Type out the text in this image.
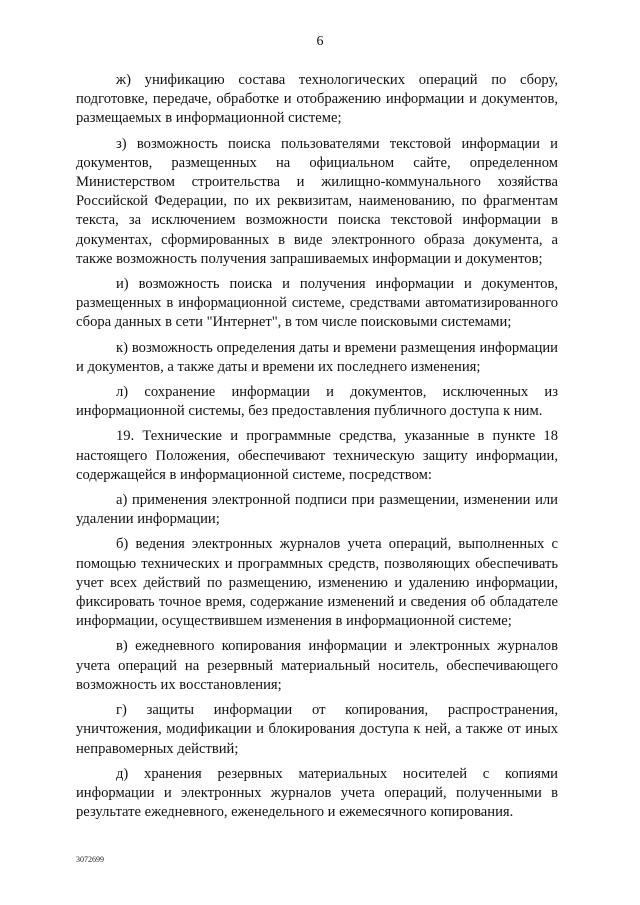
6

ж) унификацию состава технологических операций по сбору, подготовке, передаче, обработке и отображению информации и документов, размещаемых в информационной системе;

з) возможность поиска пользователями текстовой информации и документов, размещенных на официальном сайте, определенном Министерством строительства и жилищно-коммунального хозяйства Российской Федерации, по их реквизитам, наименованию, по фрагментам текста, за исключением возможности поиска текстовой информации в документах, сформированных в виде электронного образа документа, а также возможность получения запрашиваемых информации и документов;

и) возможность поиска и получения информации и документов, размещенных в информационной системе, средствами автоматизированного сбора данных в сети "Интернет", в том числе поисковыми системами;

к) возможность определения даты и времени размещения информации и документов, а также даты и времени их последнего изменения;

л) сохранение информации и документов, исключенных из информационной системы, без предоставления публичного доступа к ним.

19. Технические и программные средства, указанные в пункте 18 настоящего Положения, обеспечивают техническую защиту информации, содержащейся в информационной системе, посредством:

а) применения электронной подписи при размещении, изменении или удалении информации;

б) ведения электронных журналов учета операций, выполненных с помощью технических и программных средств, позволяющих обеспечивать учет всех действий по размещению, изменению и удалению информации, фиксировать точное время, содержание изменений и сведения об обладателе информации, осуществившем изменения в информационной системе;

в) ежедневного копирования информации и электронных журналов учета операций на резервный материальный носитель, обеспечивающего возможность их восстановления;

г) защиты информации от копирования, распространения, уничтожения, модификации и блокирования доступа к ней, а также от иных неправомерных действий;

д) хранения резервных материальных носителей с копиями информации и электронных журналов учета операций, полученными в результате ежедневного, еженедельного и ежемесячного копирования.

3072699
